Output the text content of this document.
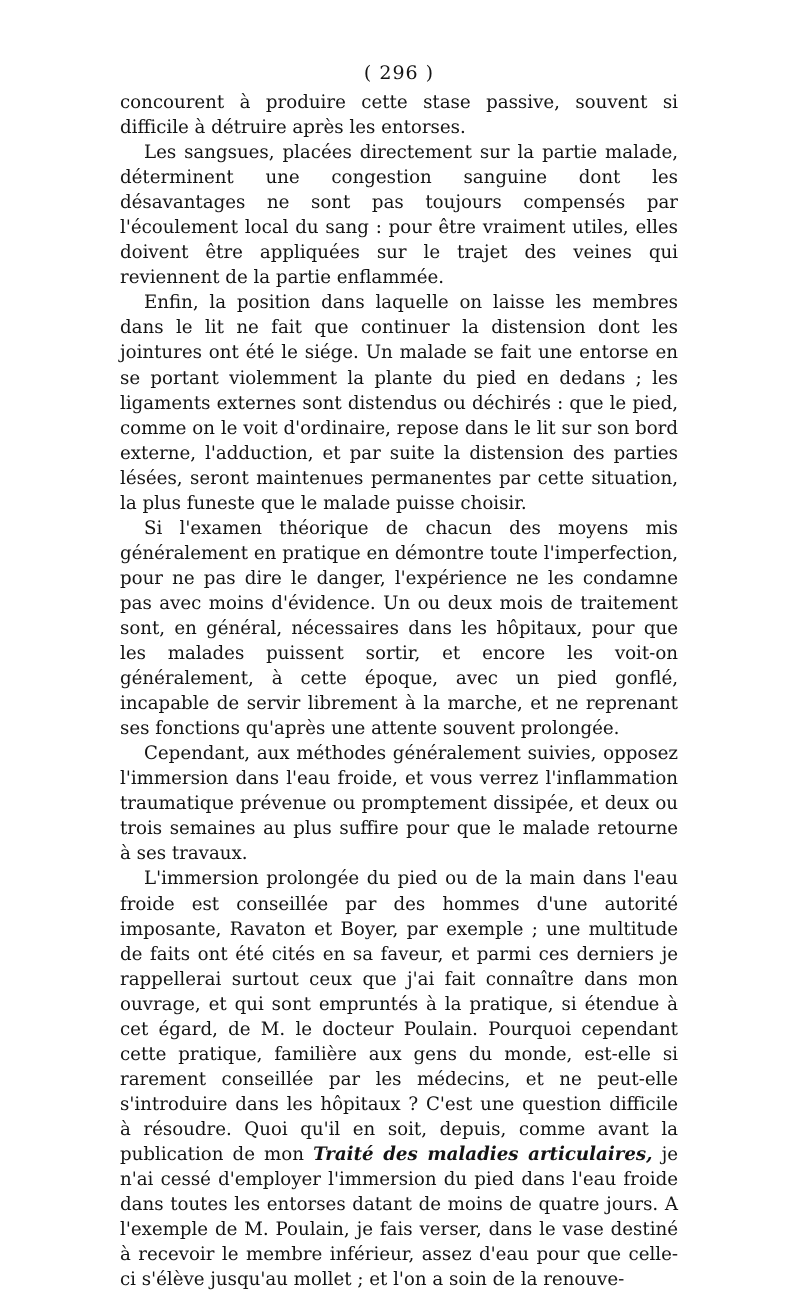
( 296 )

concourent à produire cette stase passive, souvent si difficile à détruire après les entorses.

Les sangsues, placées directement sur la partie malade, déterminent une congestion sanguine dont les désavantages ne sont pas toujours compensés par l'écoulement local du sang : pour être vraiment utiles, elles doivent être appliquées sur le trajet des veines qui reviennent de la partie enflammée.

Enfin, la position dans laquelle on laisse les membres dans le lit ne fait que continuer la distension dont les jointures ont été le siége. Un malade se fait une entorse en se portant violemment la plante du pied en dedans ; les ligaments externes sont distendus ou déchirés : que le pied, comme on le voit d'ordinaire, repose dans le lit sur son bord externe, l'adduction, et par suite la distension des parties lésées, seront maintenues permanentes par cette situation, la plus funeste que le malade puisse choisir.

Si l'examen théorique de chacun des moyens mis généralement en pratique en démontre toute l'imperfection, pour ne pas dire le danger, l'expérience ne les condamne pas avec moins d'évidence. Un ou deux mois de traitement sont, en général, nécessaires dans les hôpitaux, pour que les malades puissent sortir, et encore les voit-on généralement, à cette époque, avec un pied gonflé, incapable de servir librement à la marche, et ne reprenant ses fonctions qu'après une attente souvent prolongée.

Cependant, aux méthodes généralement suivies, opposez l'immersion dans l'eau froide, et vous verrez l'inflammation traumatique prévenue ou promptement dissipée, et deux ou trois semaines au plus suffire pour que le malade retourne à ses travaux.

L'immersion prolongée du pied ou de la main dans l'eau froide est conseillée par des hommes d'une autorité imposante, Ravaton et Boyer, par exemple ; une multitude de faits ont été cités en sa faveur, et parmi ces derniers je rappellerai surtout ceux que j'ai fait connaître dans mon ouvrage, et qui sont empruntés à la pratique, si étendue à cet égard, de M. le docteur Poulain. Pourquoi cependant cette pratique, familière aux gens du monde, est-elle si rarement conseillée par les médecins, et ne peut-elle s'introduire dans les hôpitaux ? C'est une question difficile à résoudre. Quoi qu'il en soit, depuis, comme avant la publication de mon Traité des maladies articulaires, je n'ai cessé d'employer l'immersion du pied dans l'eau froide dans toutes les entorses datant de moins de quatre jours. A l'exemple de M. Poulain, je fais verser, dans le vase destiné à recevoir le membre inférieur, assez d'eau pour que celle-ci s'élève jusqu'au mollet ; et l'on a soin de la renouve-
